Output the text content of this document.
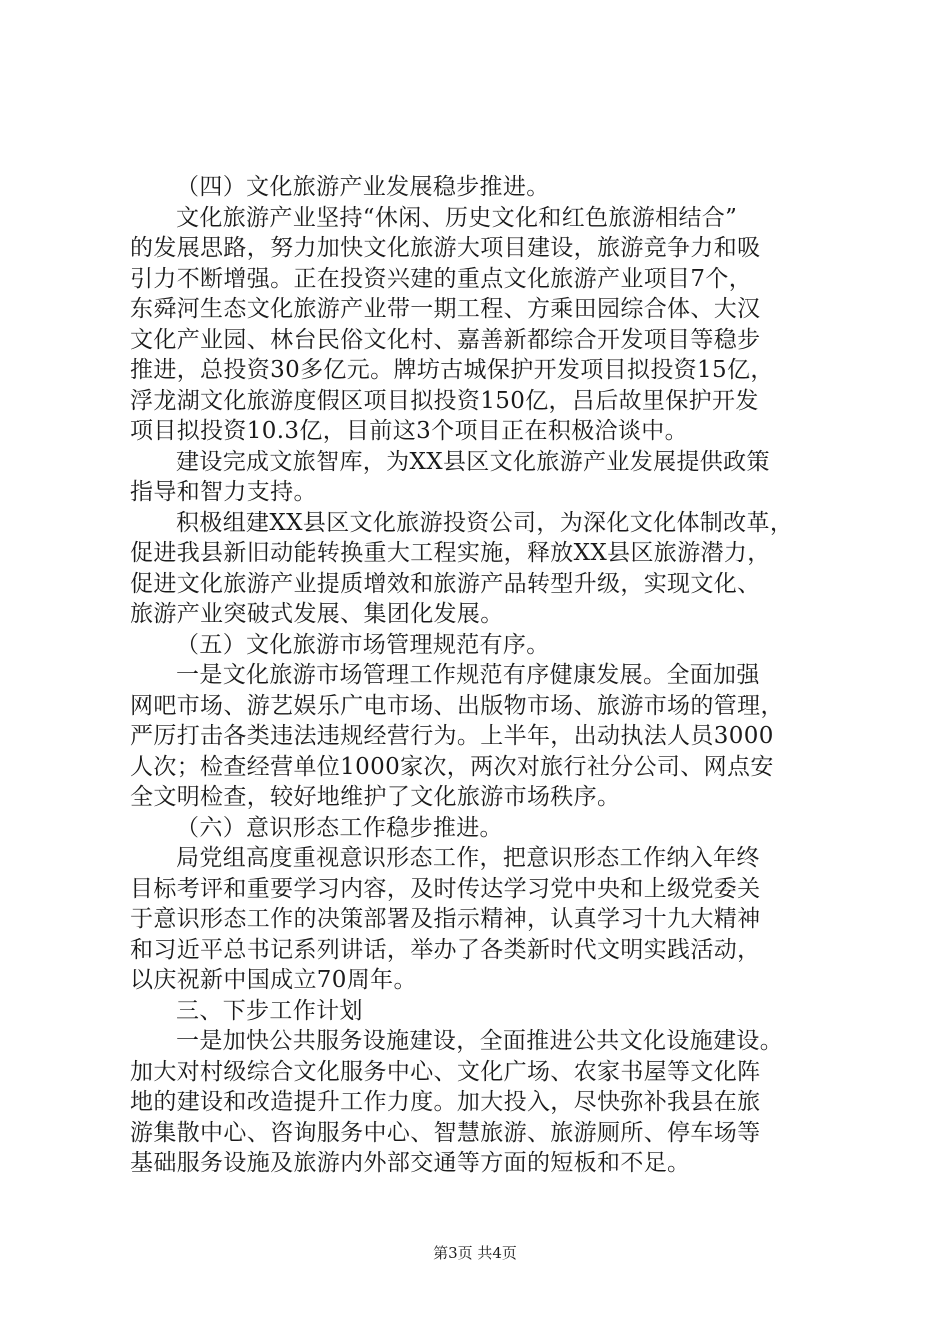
（四）文化旅游产业发展稳步推进。
文化旅游产业坚持“休闲、历史文化和红色旅游相结合”
的发展思路，努力加快文化旅游大项目建设，旅游竞争力和吸
引力不断增强。正在投资兴建的重点文化旅游产业项目7个，
东舜河生态文化旅游产业带一期工程、方乘田园综合体、大汉
文化产业园、林台民俗文化村、嘉善新都综合开发项目等稳步
推进，总投资30多亿元。牌坊古城保护开发项目拟投资15亿，
浮龙湖文化旅游度假区项目拟投资150亿，吕后故里保护开发
项目拟投资10.3亿，目前这3个项目正在积极洽谈中。
建设完成文旅智库，为XX县区文化旅游产业发展提供政策
指导和智力支持。
积极组建XX县区文化旅游投资公司，为深化文化体制改革，
促进我县新旧动能转换重大工程实施，释放XX县区旅游潜力，
促进文化旅游产业提质增效和旅游产品转型升级，实现文化、
旅游产业突破式发展、集团化发展。
（五）文化旅游市场管理规范有序。
一是文化旅游市场管理工作规范有序健康发展。全面加强
网吧市场、游艺娱乐广电市场、出版物市场、旅游市场的管理，
严厉打击各类违法违规经营行为。上半年，出动执法人员3000
人次；检查经营单位1000家次，两次对旅行社分公司、网点安
全文明检查，较好地维护了文化旅游市场秩序。
（六）意识形态工作稳步推进。
局党组高度重视意识形态工作，把意识形态工作纳入年终
目标考评和重要学习内容，及时传达学习党中央和上级党委关
于意识形态工作的决策部署及指示精神，认真学习十九大精神
和习近平总书记系列讲话，举办了各类新时代文明实践活动，
以庆祝新中国成立70周年。
三、下步工作计划
一是加快公共服务设施建设，全面推进公共文化设施建设。
加大对村级综合文化服务中心、文化广场、农家书屋等文化阵
地的建设和改造提升工作力度。加大投入，尽快弥补我县在旅
游集散中心、咨询服务中心、智慧旅游、旅游厕所、停车场等
基础服务设施及旅游内外部交通等方面的短板和不足。
第3页 共4页
